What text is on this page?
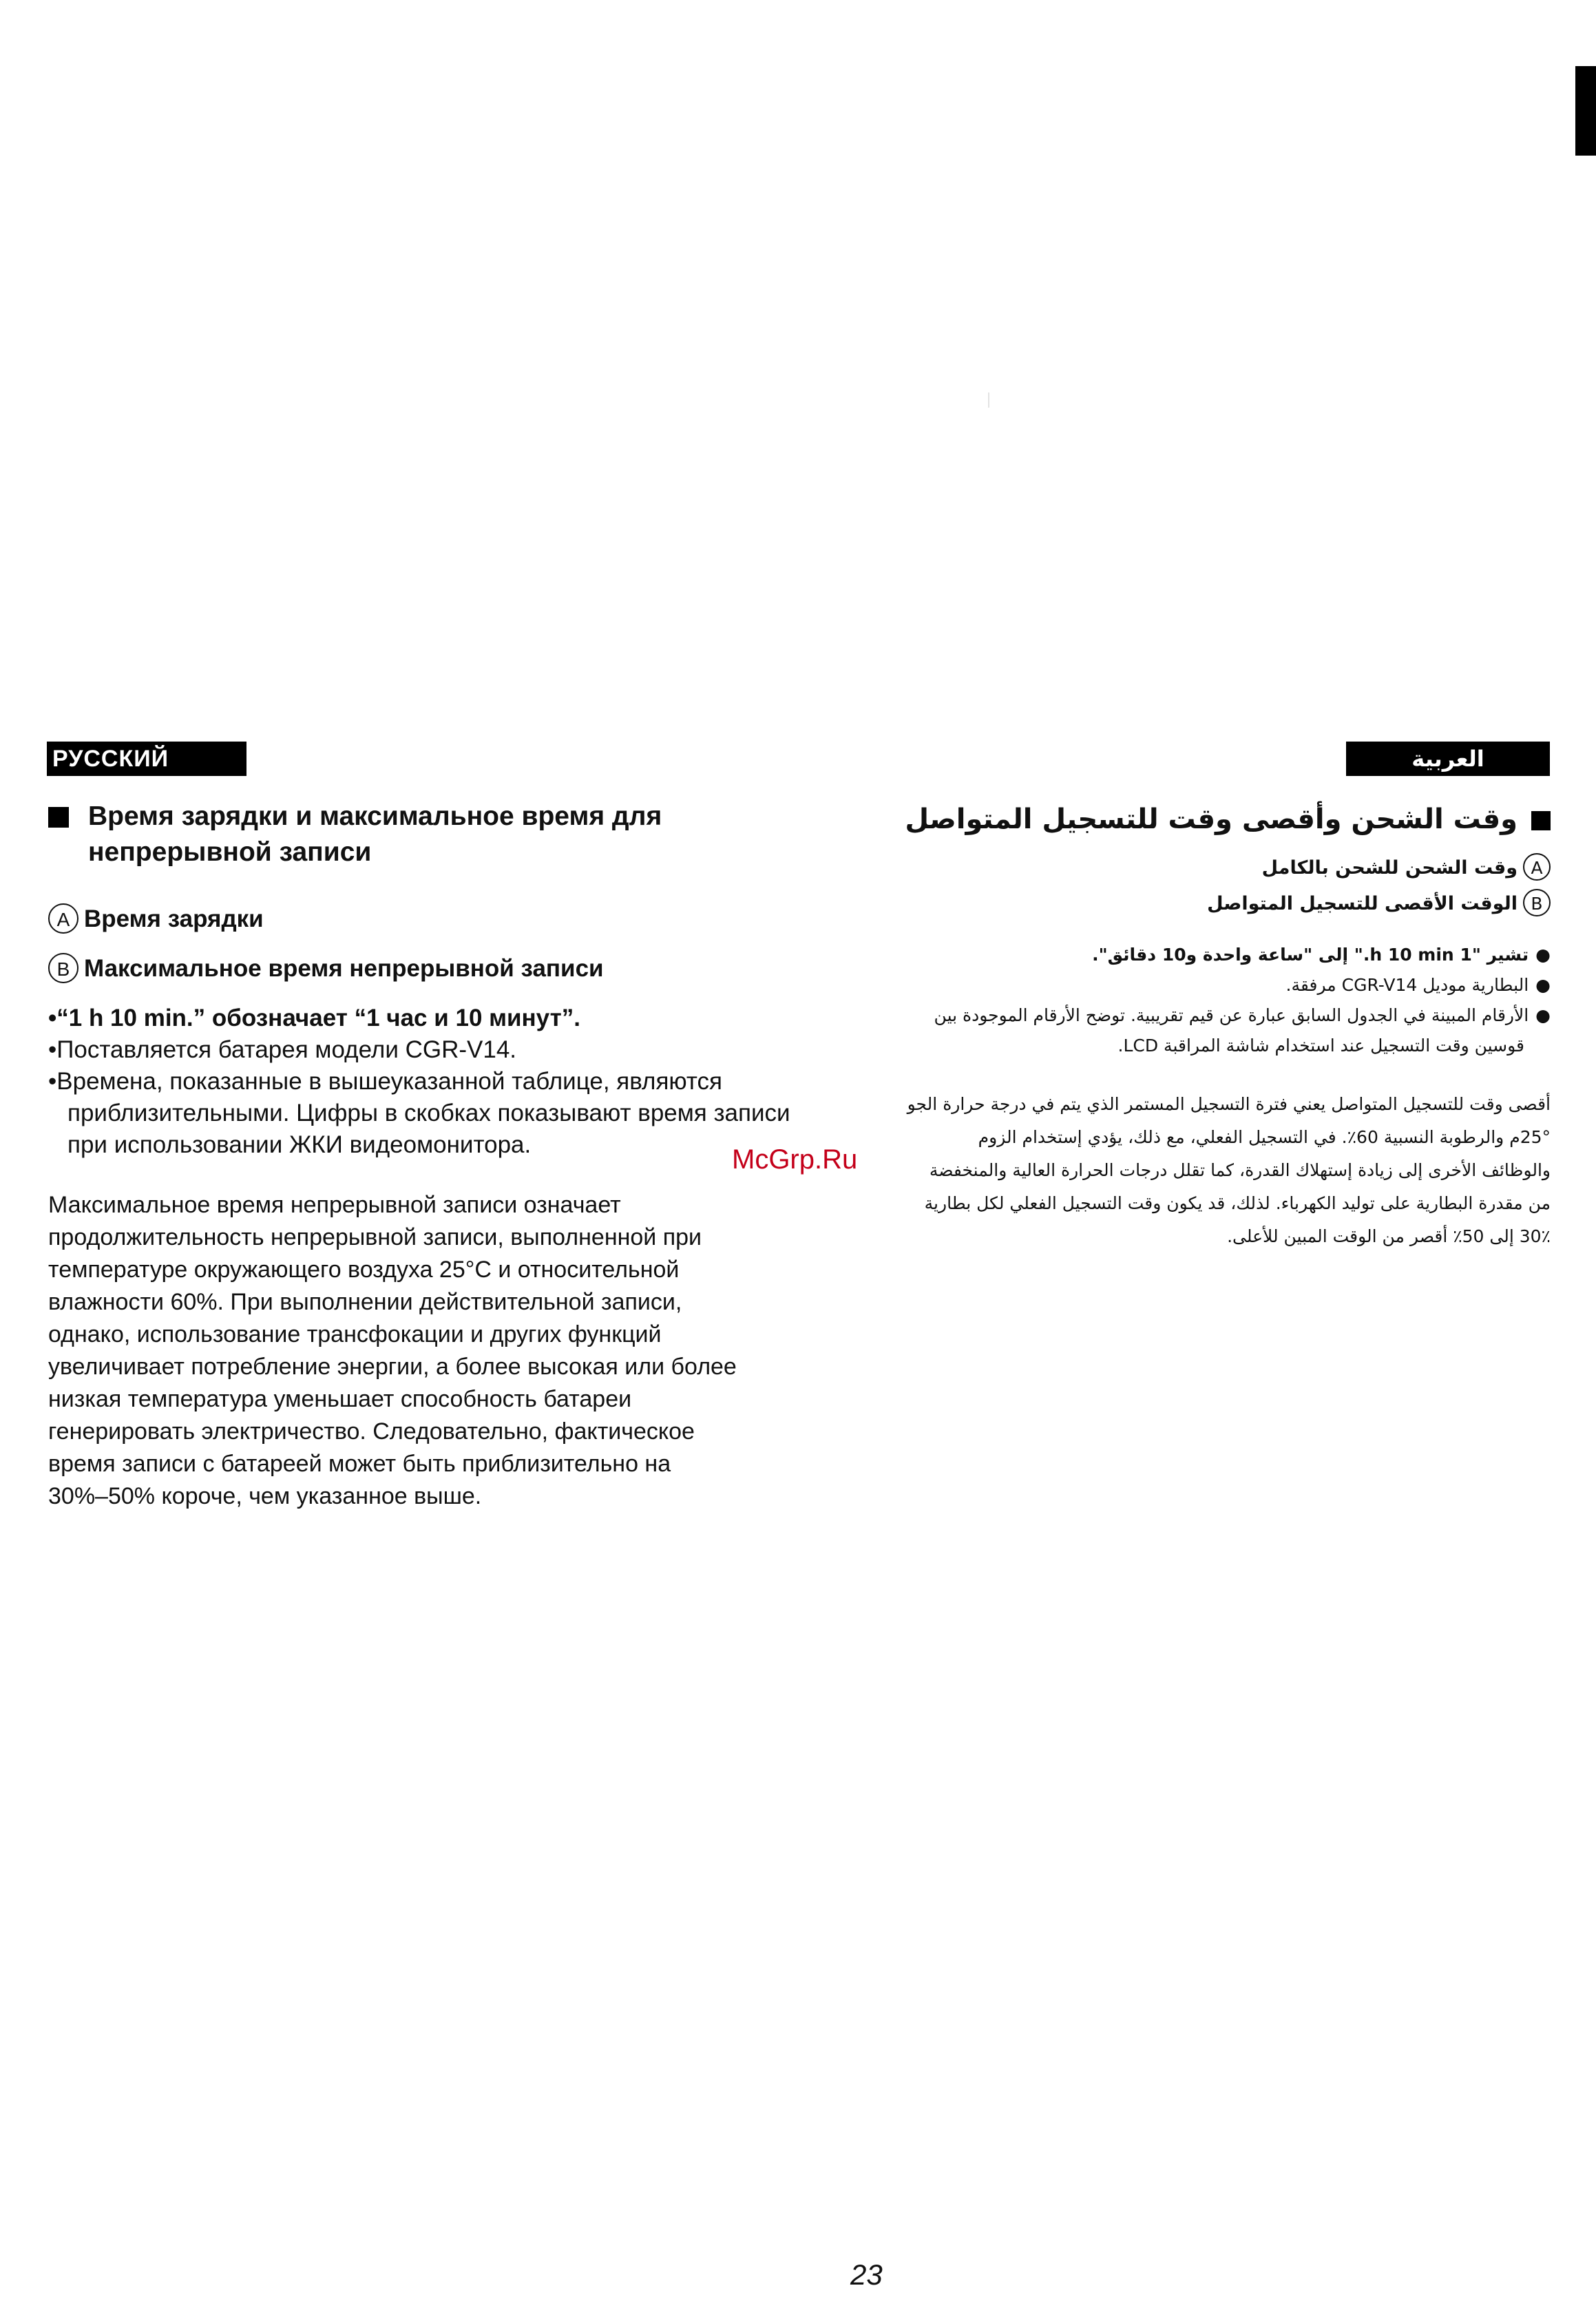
РУССКИЙ ЯЗЫК
Время зарядки и максимальное время для
непрерывной записи
A Время зарядки
B Максимальное время непрерывной записи
•“1 h 10 min.” обозначает “1 час и 10 минут”.
•Поставляется батарея модели CGR-V14.
•Времена, показанные в вышеуказанной таблице, являются приблизительными. Цифры в скобках показывают время записи при использовании ЖКИ видеомонитора.
Максимальное время непрерывной записи означает
продолжительность непрерывной записи, выполненной при
температуре окружающего воздуха 25°C и относительной
влажности 60%. При выполнении действительной записи,
однако, использование трансфокации и других функций
увеличивает потребление энергии, а более высокая или более
низкая температура уменьшает способность батареи
генерировать электричество. Следовательно, фактическое
время записи с батареей может быть приблизительно на
30%–50% короче, чем указанное выше.
McGrp.Ru
العربية
وقت الشحن وأقصى وقت للتسجيل المتواصل
Aوقت الشحن للشحن بالكامل
Bالوقت الأقصى للتسجيل المتواصل
● تشير "1 h 10 min." إلى "ساعة واحدة و10 دقائق".
● البطارية موديل CGR-V14 مرفقة.
● الأرقام المبينة في الجدول السابق عبارة عن قيم تقريبية. توضح الأرقام الموجودة بين
قوسين وقت التسجيل عند استخدام شاشة المراقبة LCD.
أقصى وقت للتسجيل المتواصل يعني فترة التسجيل المستمر الذي يتم في درجة حرارة الجو
25°م والرطوبة النسبية 60٪. في التسجيل الفعلي، مع ذلك، يؤدي إستخدام الزوم
والوظائف الأخرى إلى زيادة إستهلاك القدرة، كما تقلل درجات الحرارة العالية والمنخفضة
من مقدرة البطارية على توليد الكهرباء. لذلك، قد يكون وقت التسجيل الفعلي لكل بطارية
30٪ إلى 50٪ أقصر من الوقت المبين للأعلى.
23
